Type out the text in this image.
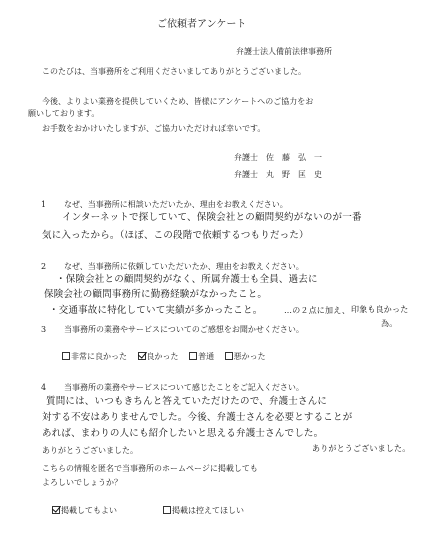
ご依頼者アンケート
弁護士法人備前法律事務所
このたびは、当事務所をご利用くださいましてありがとうございました。
今後、よりよい業務を提供していくため、皆様にアンケートへのご協力をお
願いしております。
お手数をおかけいたしますが、ご協力いただければ幸いです。
弁護士　佐　藤　弘　一
弁護士　丸　野　匡　史
1 なぜ、当事務所に相談いただいたか、理由をお教えください。
インターネットで探していて、保険会社との顧問契約がないのが一番
気に入ったから。（ほぼ、この段階で依頼するつもりだった）
2 なぜ、当事務所に依頼していただいたか、理由をお教えください。
・保険会社との顧問契約がなく、所属弁護士も全員、過去に
保険会社の顧問事務所に勤務経験がなかったこと。
・交通事故に特化していて実績が多かったこと。	…の２点に加え、 印象も良かった
為。
3 当事務所の業務やサービスについてのご感想をお聞かせください。
非常に良かった 良かった 普通 悪かった
4 当事務所の業務やサービスについて感じたことをご記入ください。
質問には、いつもきちんと答えていただけたので、弁護士さんに
対する不安はありませんでした。今後、弁護士さんを必要とすることが
あれば、まわりの人にも紹介したいと思える弁護士さんでした。
ありがとうございました。	ありがとうございました。
こちらの情報を匿名で当事務所のホームページに掲載しても
よろしいでしょうか？
掲載してもよい	掲載は控えてほしい
